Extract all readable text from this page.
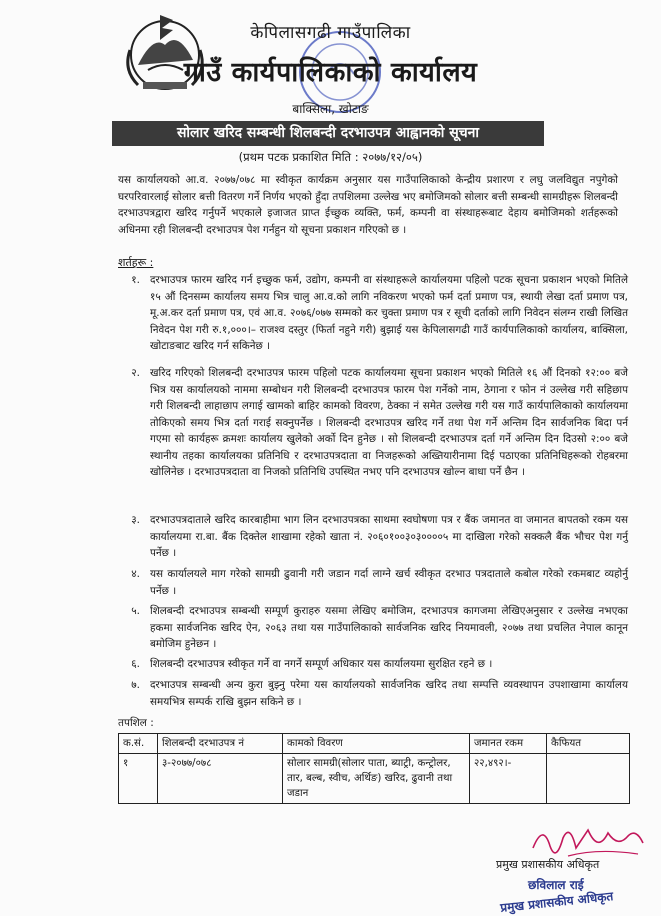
केपिलासगढी गाउँपालिका
गाउँ कार्यपालिकाको कार्यालय
बाक्सिला, खोटाङ
सोलार खरिद सम्बन्धी शिलबन्दी दरभाउपत्र आह्वानको सूचना
(प्रथम पटक प्रकाशित मिति : २०७७/१२/०५)
यस कार्यालयको आ.व. २०७७/०७८ मा स्वीकृत कार्यक्रम अनुसार यस गाउँपालिकाको केन्द्रीय प्रशारण र लघु जलविद्युत नपुगेको घरपरिवारलाई सोलार बत्ती वितरण गर्ने निर्णय भएको हुँदा तपशिलमा उल्लेख भए बमोजिमको सोलार बत्ती सम्बन्धी सामग्रीहरू शिलबन्दी दरभाउपत्रद्वारा खरिद गर्नुपर्ने भएकाले इजाजत प्राप्त ईच्छुक व्यक्ति, फर्म, कम्पनी वा संस्थाहरूबाट देहाय बमोजिमको शर्तहरूको अधिनमा रही शिलबन्दी दरभाउपत्र पेश गर्नहुन यो सूचना प्रकाशन गरिएको छ ।
शर्तहरू :
१. दरभाउपत्र फारम खरिद गर्न इच्छुक फर्म, उद्योग, कम्पनी वा संस्थाहरूले कार्यालयमा पहिलो पटक सूचना प्रकाशन भएको मितिले १५ औं दिनसम्म कार्यालय समय भित्र चालु आ.व.को लागि नविकरण भएको फर्म दर्ता प्रमाण पत्र, स्थायी लेखा दर्ता प्रमाण पत्र, मू.अ.कर दर्ता प्रमाण पत्र, एवं आ.व. २०७६/०७७ सम्मको कर चुक्ता प्रमाण पत्र र सूची दर्ताको लागि निवेदन संलग्न राखी लिखित निवेदन पेश गरी रु.१,०००।– राजश्व दस्तुर (फिर्ता नहुने गरी) बुझाई यस केपिलासगढी गाउँ कार्यपालिकाको कार्यालय, बाक्सिला, खोटाङबाट खरिद गर्न सकिनेछ ।
२. खरिद गरिएको शिलबन्दी दरभाउपत्र फारम पहिलो पटक कार्यालयमा सूचना प्रकाशन भएको मितिले १६ औं दिनको १२:०० बजे भित्र यस कार्यालयको नाममा सम्बोधन गरी शिलबन्दी दरभाउपत्र फारम पेश गर्नेको नाम, ठेगाना र फोन नं उल्लेख गरी सहिछाप गरी शिलबन्दी लाहाछाप लगाई खामको बाहिर कामको विवरण, ठेक्का नं समेत उल्लेख गरी यस गाउँ कार्यपालिकाको कार्यालयमा तोकिएको समय भित्र दर्ता गराई सक्नुपर्नेछ । शिलबन्दी दरभाउपत्र खरिद गर्ने तथा पेश गर्ने अन्तिम दिन सार्वजनिक बिदा पर्न गएमा सो कार्यहरू क्रमशः कार्यालय खुलेको अर्को दिन हुनेछ । सो शिलबन्दी दरभाउपत्र दर्ता गर्ने अन्तिम दिन दिउसो २:०० बजे स्थानीय तहका कार्यालयका प्रतिनिधि र दरभाउपत्रदाता वा निजहरूको अख्तियारीनामा दिई पठाएका प्रतिनिधिहरूको रोहबरमा खोलिनेछ । दरभाउपत्रदाता वा निजको प्रतिनिधि उपस्थित नभए पनि दरभाउपत्र खोल्न बाधा पर्ने छैन ।
३. दरभाउपत्रदाताले खरिद कारबाहीमा भाग लिन दरभाउपत्रका साथमा स्वघोषणा पत्र र बैंक जमानत वा जमानत बापतको रकम यस कार्यालयमा रा.बा. बैंक दिक्तेल शाखामा रहेको खाता नं. २०६०१००३०३००००५ मा दाखिला गरेको सक्कलै बैंक भौचर पेश गर्नु पर्नेछ ।
४. यस कार्यालयले माग गरेको सामग्री ढुवानी गरी जडान गर्दा लाग्ने खर्च स्वीकृत दरभाउ पत्रदाताले कबोल गरेको रकमबाट व्यहोर्नु पर्नेछ ।
५. शिलबन्दी दरभाउपत्र सम्बन्धी सम्पूर्ण कुराहरु यसमा लेखिए बमोजिम, दरभाउपत्र कागजमा लेखिएअनुसार र उल्लेख नभएका हकमा सार्वजनिक खरिद ऐन, २०६३ तथा यस गाउँपालिकाको सार्वजनिक खरिद नियमावली, २०७७ तथा प्रचलित नेपाल कानून बमोजिम हुनेछन ।
६. शिलबन्दी दरभाउपत्र स्वीकृत गर्ने वा नगर्ने सम्पूर्ण अधिकार यस कार्यालयमा सुरक्षित रहने छ ।
७. दरभाउपत्र सम्बन्धी अन्य कुरा बुझ्नु परेमा यस कार्यालयको सार्वजनिक खरिद तथा सम्पत्ति व्यवस्थापन उपशाखामा कार्यालय समयभित्र सम्पर्क राखि बुझन सकिने छ ।
तपशिल :
क.सं.	शिलबन्दी दरभाउपत्र नं	कामको विवरण	जमानत रकम	कैफियत
१	३-२०७७/०७८	सोलार सामग्री(सोलार पाता, ब्याट्री, कन्ट्रोलर, तार, बल्ब, स्वीच, अर्थिङ) खरिद, ढुवानी तथा जडान	२२,४९२।-	
प्रमुख प्रशासकीय अधिकृत
छविलाल राई
प्रमुख प्रशासकीय अधिकृत
